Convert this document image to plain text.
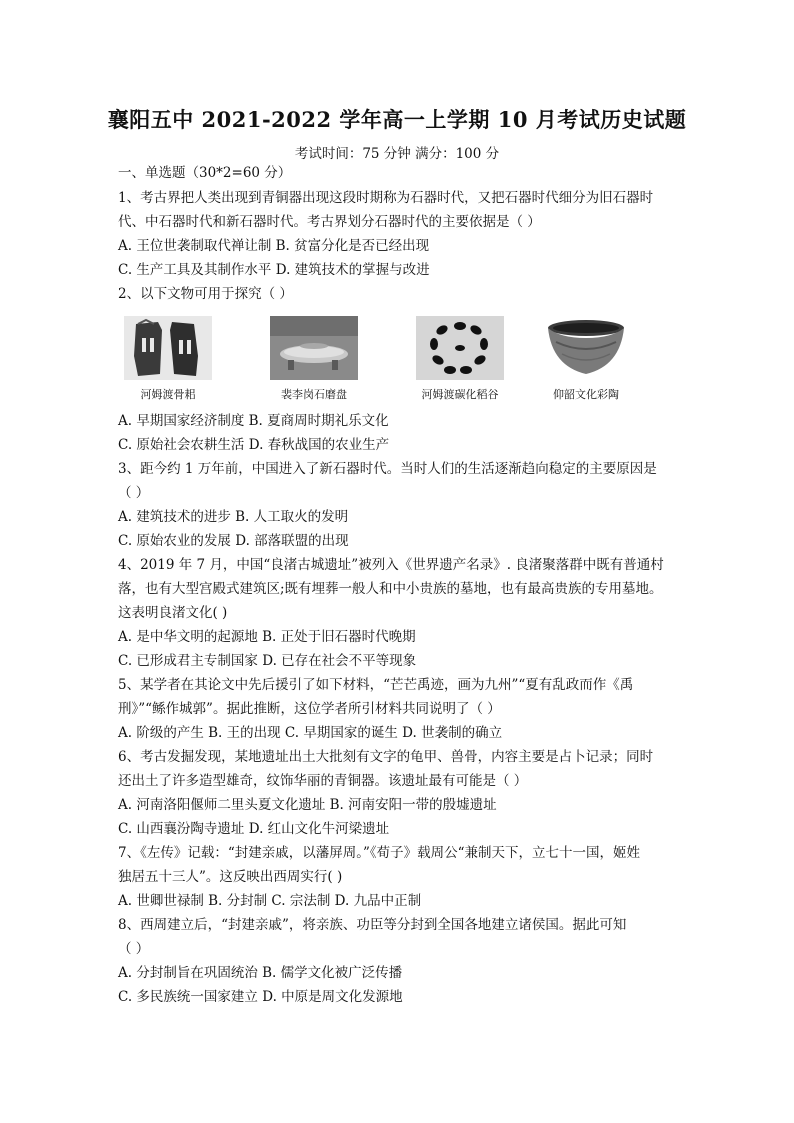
襄阳五中 2021-2022 学年高一上学期 10 月考试历史试题
考试时间：75 分钟 满分：100 分
一、单选题（30*2=60 分）
1、考古界把人类出现到青铜器出现这段时期称为石器时代，又把石器时代细分为旧石器时
代、中石器时代和新石器时代。考古界划分石器时代的主要依据是（ ）
A. 王位世袭制取代禅让制 B. 贫富分化是否已经出现
C. 生产工具及其制作水平 D. 建筑技术的掌握与改进
2、以下文物可用于探究（ ）
河姆渡骨耜	裴李岗石磨盘	河姆渡碳化稻谷	仰韶文化彩陶
A. 早期国家经济制度 B. 夏商周时期礼乐文化
C. 原始社会农耕生活 D. 春秋战国的农业生产
3、距今约 1 万年前，中国进入了新石器时代。当时人们的生活逐渐趋向稳定的主要原因是
（ ）
A. 建筑技术的进步 B. 人工取火的发明
C. 原始农业的发展 D. 部落联盟的出现
4、2019 年 7 月，中国“良渚古城遗址”被列入《世界遗产名录》. 良渚聚落群中既有普通村
落，也有大型宫殿式建筑区;既有埋葬一般人和中小贵族的墓地，也有最高贵族的专用墓地。
这表明良渚文化( )
A. 是中华文明的起源地 B. 正处于旧石器时代晚期
C. 已形成君主专制国家 D. 已存在社会不平等现象
5、某学者在其论文中先后援引了如下材料，“芒芒禹迹，画为九州”“夏有乱政而作《禹
刑》”“鲧作城郭”。据此推断，这位学者所引材料共同说明了（ ）
A. 阶级的产生 B. 王的出现 C. 早期国家的诞生 D. 世袭制的确立
6、考古发掘发现，某地遗址出土大批刻有文字的龟甲、兽骨，内容主要是占卜记录；同时
还出土了许多造型雄奇，纹饰华丽的青铜器。该遗址最有可能是（ ）
A. 河南洛阳偃师二里头夏文化遗址 B. 河南安阳一带的殷墟遗址
C. 山西襄汾陶寺遗址 D. 红山文化牛河梁遗址
7、《左传》记载：“封建亲戚，以藩屏周。”《荀子》载周公“兼制天下，立七十一国，姬姓
独居五十三人”。这反映出西周实行( )
A. 世卿世禄制 B. 分封制 C. 宗法制 D. 九品中正制
8、西周建立后，“封建亲戚”，将亲族、功臣等分封到全国各地建立诸侯国。据此可知
（ ）
A. 分封制旨在巩固统治 B. 儒学文化被广泛传播
C. 多民族统一国家建立 D. 中原是周文化发源地
